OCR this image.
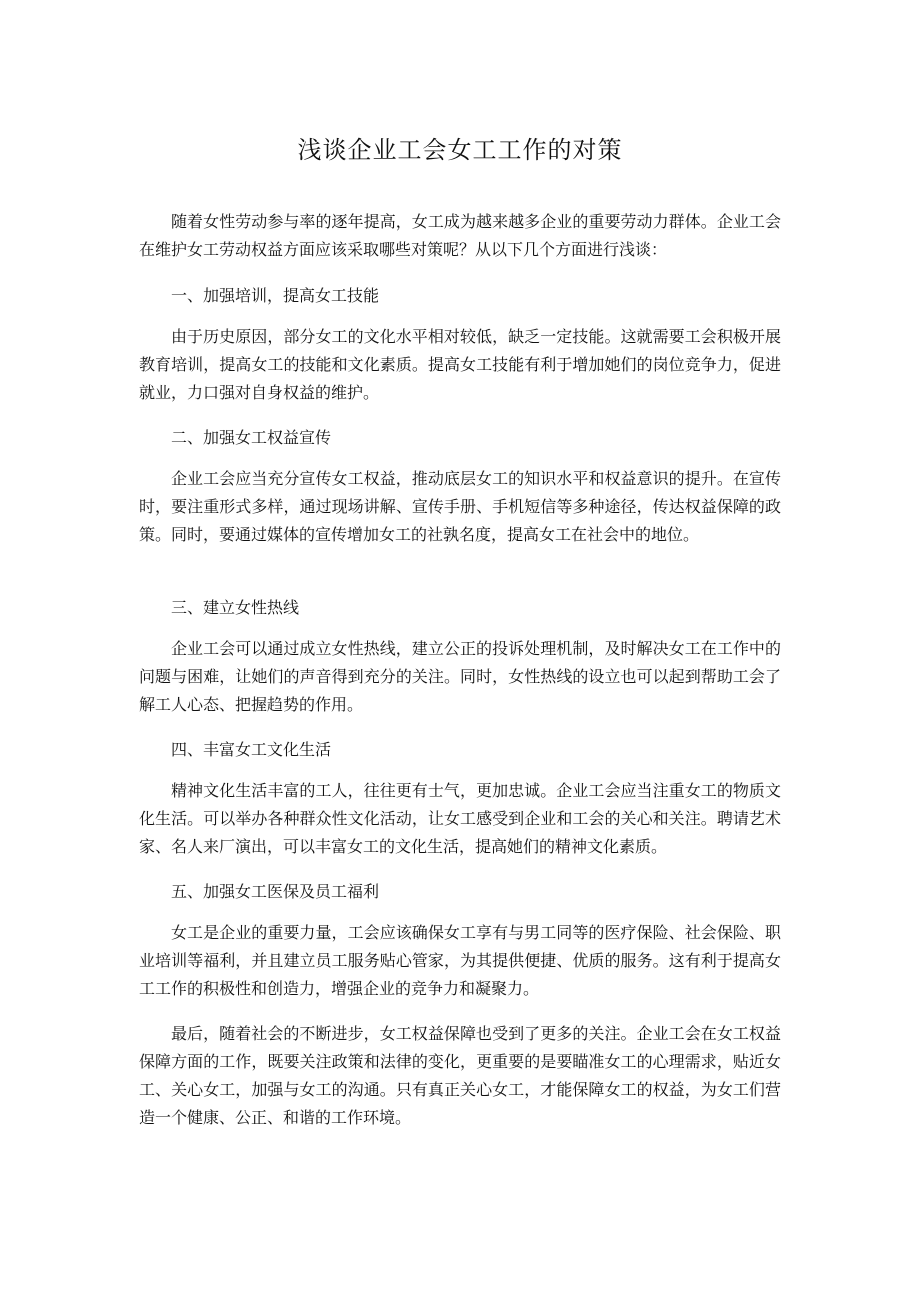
浅谈企业工会女工工作的对策

随着女性劳动参与率的逐年提高，女工成为越来越多企业的重要劳动力群体。企业工会在维护女工劳动权益方面应该采取哪些对策呢？从以下几个方面进行浅谈：

一、加强培训，提高女工技能

由于历史原因，部分女工的文化水平相对较低，缺乏一定技能。这就需要工会积极开展教育培训，提高女工的技能和文化素质。提高女工技能有利于增加她们的岗位竞争力，促进就业，力口强对自身权益的维护。

二、加强女工权益宣传

企业工会应当充分宣传女工权益，推动底层女工的知识水平和权益意识的提升。在宣传时，要注重形式多样，通过现场讲解、宣传手册、手机短信等多种途径，传达权益保障的政策。同时，要通过媒体的宣传增加女工的社孰名度，提高女工在社会中的地位。

三、建立女性热线

企业工会可以通过成立女性热线，建立公正的投诉处理机制，及时解决女工在工作中的问题与困难，让她们的声音得到充分的关注。同时，女性热线的设立也可以起到帮助工会了解工人心态、把握趋势的作用。

四、丰富女工文化生活

精神文化生活丰富的工人，往往更有士气，更加忠诚。企业工会应当注重女工的物质文化生活。可以举办各种群众性文化活动，让女工感受到企业和工会的关心和关注。聘请艺术家、名人来厂演出，可以丰富女工的文化生活，提高她们的精神文化素质。

五、加强女工医保及员工福利

女工是企业的重要力量，工会应该确保女工享有与男工同等的医疗保险、社会保险、职业培训等福利，并且建立员工服务贴心管家，为其提供便捷、优质的服务。这有利于提高女工工作的积极性和创造力，增强企业的竞争力和凝聚力。

最后，随着社会的不断进步，女工权益保障也受到了更多的关注。企业工会在女工权益保障方面的工作，既要关注政策和法律的变化，更重要的是要瞄准女工的心理需求，贴近女工、关心女工，加强与女工的沟通。只有真正关心女工，才能保障女工的权益，为女工们营造一个健康、公正、和谐的工作环境。
